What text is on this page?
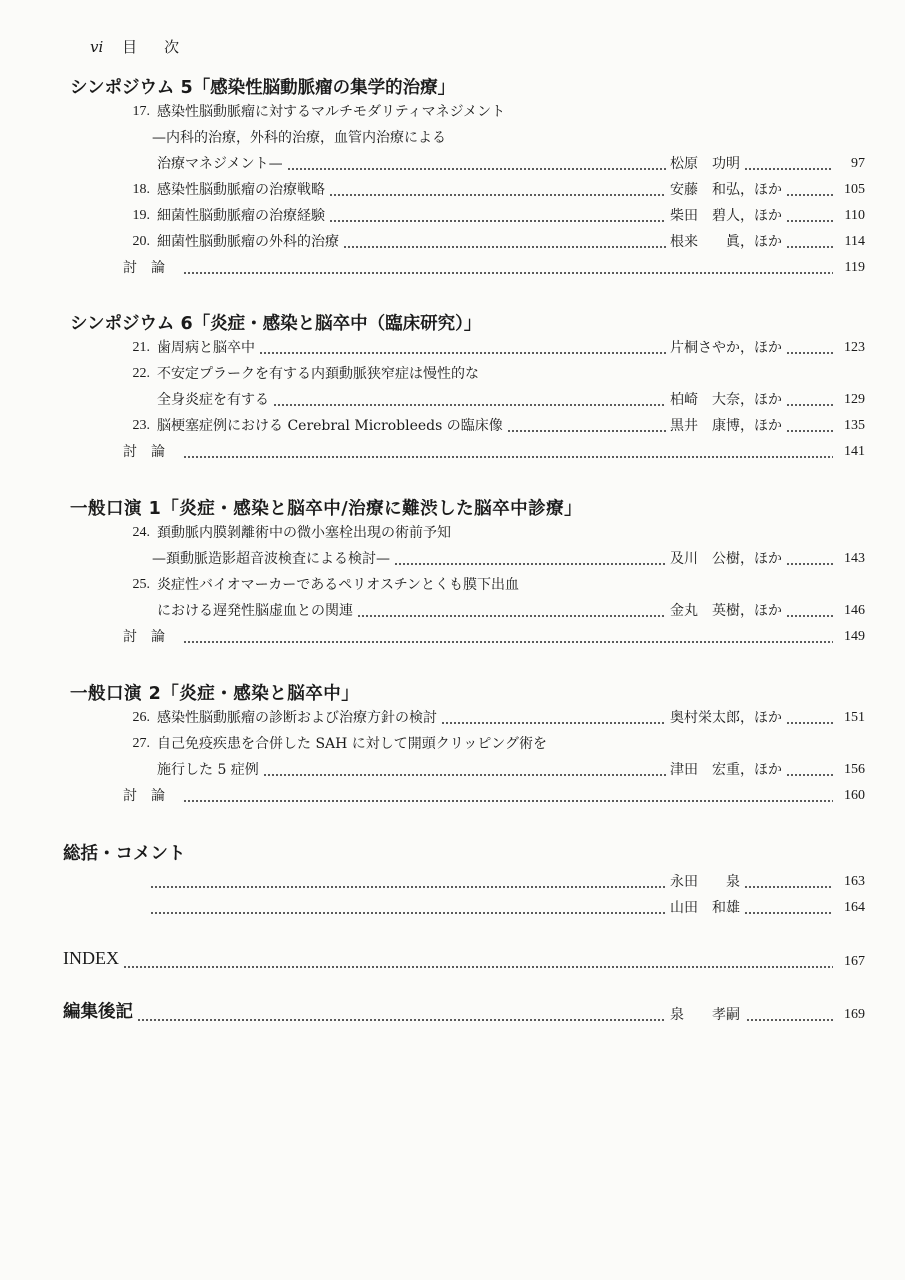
vi 目　次
シンポジウム 5「感染性脳動脈瘤の集学的治療」
17. 感染性脳動脈瘤に対するマルチモダリティマネジメント
—内科的治療，外科的治療，血管内治療による
治療マネジメント—	松原　功明	97
18. 感染性脳動脈瘤の治療戦略	安藤　和弘，ほか	105
19. 細菌性脳動脈瘤の治療経験	柴田　碧人，ほか	110
20. 細菌性脳動脈瘤の外科的治療	根来　　眞，ほか	114
討論	119
シンポジウム 6「炎症・感染と脳卒中（臨床研究）」
21. 歯周病と脳卒中	片桐さやか，ほか	123
22. 不安定プラークを有する内頚動脈狭窄症は慢性的な
全身炎症を有する	柏崎　大奈，ほか	129
23. 脳梗塞症例における Cerebral Microbleeds の臨床像	黒井　康博，ほか	135
討論	141
一般口演 1「炎症・感染と脳卒中/治療に難渋した脳卒中診療」
24. 頚動脈内膜剝離術中の微小塞栓出現の術前予知
—頚動脈造影超音波検査による検討—	及川　公樹，ほか	143
25. 炎症性バイオマーカーであるペリオスチンとくも膜下出血
における遅発性脳虚血との関連	金丸　英樹，ほか	146
討論	149
一般口演 2「炎症・感染と脳卒中」
26. 感染性脳動脈瘤の診断および治療方針の検討	奥村栄太郎，ほか	151
27. 自己免疫疾患を合併した SAH に対して開頭クリッピング術を
施行した 5 症例	津田　宏重，ほか	156
討論	160
総括・コメント
永田　　泉	163
山田　和雄	164
INDEX	167
編集後記	泉　　孝嗣	169
